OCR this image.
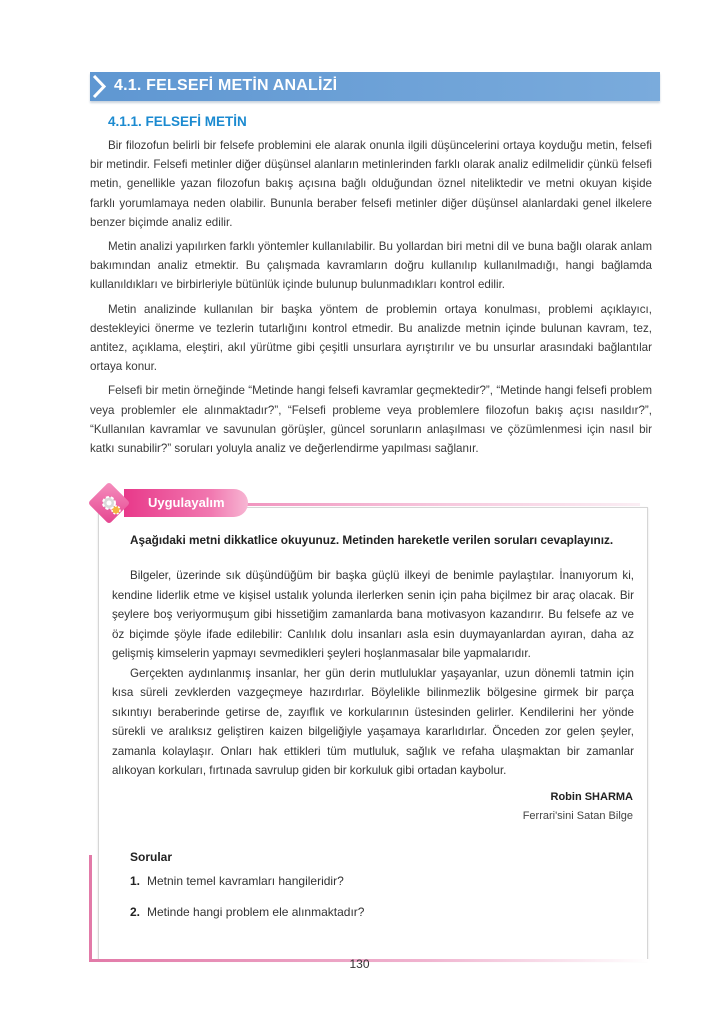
4.1. FELSEFİ METİN ANALİZİ
4.1.1. FELSEFİ METİN

Bir filozofun belirli bir felsefe problemini ele alarak onunla ilgili düşüncelerini ortaya koyduğu metin, felsefi bir metindir. Felsefi metinler diğer düşünsel alanların metinlerinden farklı olarak analiz edilmelidir çünkü felsefi metin, genellikle yazan filozofun bakış açısına bağlı olduğundan öznel niteliktedir ve metni okuyan kişide farklı yorumlamaya neden olabilir. Bununla beraber felsefi metinler diğer düşünsel alanlardaki genel ilkelere benzer biçimde analiz edilir.

Metin analizi yapılırken farklı yöntemler kullanılabilir. Bu yollardan biri metni dil ve buna bağlı olarak anlam bakımından analiz etmektir. Bu çalışmada kavramların doğru kullanılıp kullanılmadığı, hangi bağlamda kullanıldıkları ve birbirleriyle bütünlük içinde bulunup bulunmadıkları kontrol edilir.

Metin analizinde kullanılan bir başka yöntem de problemin ortaya konulması, problemi açıklayıcı, destekleyici önerme ve tezlerin tutarlığını kontrol etmedir. Bu analizde metnin içinde bulunan kavram, tez, antitez, açıklama, eleştiri, akıl yürütme gibi çeşitli unsurlara ayrıştırılır ve bu unsurlar arasındaki bağlantılar ortaya konur.

Felsefi bir metin örneğinde “Metinde hangi felsefi kavramlar geçmektedir?”, “Metinde hangi felsefi problem veya problemler ele alınmaktadır?”, “Felsefi probleme veya problemlere filozofun bakış açısı nasıldır?”, “Kullanılan kavramlar ve savunulan görüşler, güncel sorunların anlaşılması ve çözümlenmesi için nasıl bir katkı sunabilir?” soruları yoluyla analiz ve değerlendirme yapılması sağlanır.

Uygulayalım
Aşağıdaki metni dikkatlice okuyunuz. Metinden hareketle verilen soruları cevaplayınız.

Bilgeler, üzerinde sık düşündüğüm bir başka güçlü ilkeyi de benimle paylaştılar. İnanıyorum ki, kendine liderlik etme ve kişisel ustalık yolunda ilerlerken senin için paha biçilmez bir araç olacak. Bir şeylere boş veriyormuşum gibi hissetiğim zamanlarda bana motivasyon kazandırır. Bu felsefe az ve öz biçimde şöyle ifade edilebilir: Canlılık dolu insanları asla esin duymayanlardan ayıran, daha az gelişmiş kimselerin yapmayı sevmedikleri şeyleri hoşlanmasalar bile yapmalarıdır.

Gerçekten aydınlanmış insanlar, her gün derin mutluluklar yaşayanlar, uzun dönemli tatmin için kısa süreli zevklerden vazgeçmeye hazırdırlar. Böylelikle bilinmezlik bölgesine girmek bir parça sıkıntıyı beraberinde getirse de, zayıflık ve korkularının üstesinden gelirler. Kendilerini her yönde sürekli ve aralıksız geliştiren kaizen bilgeliğiyle yaşamaya kararlıdırlar. Önceden zor gelen şeyler, zamanla kolaylaşır. Onları hak ettikleri tüm mutluluk, sağlık ve refaha ulaşmaktan bir zamanlar alıkoyan korkuları, fırtınada savrulup giden bir korkuluk gibi ortadan kaybolur.

Robin SHARMA
Ferrari'sini Satan Bilge
Sorular
1. Metnin temel kavramları hangileridir?
2. Metinde hangi problem ele alınmaktadır?
130
